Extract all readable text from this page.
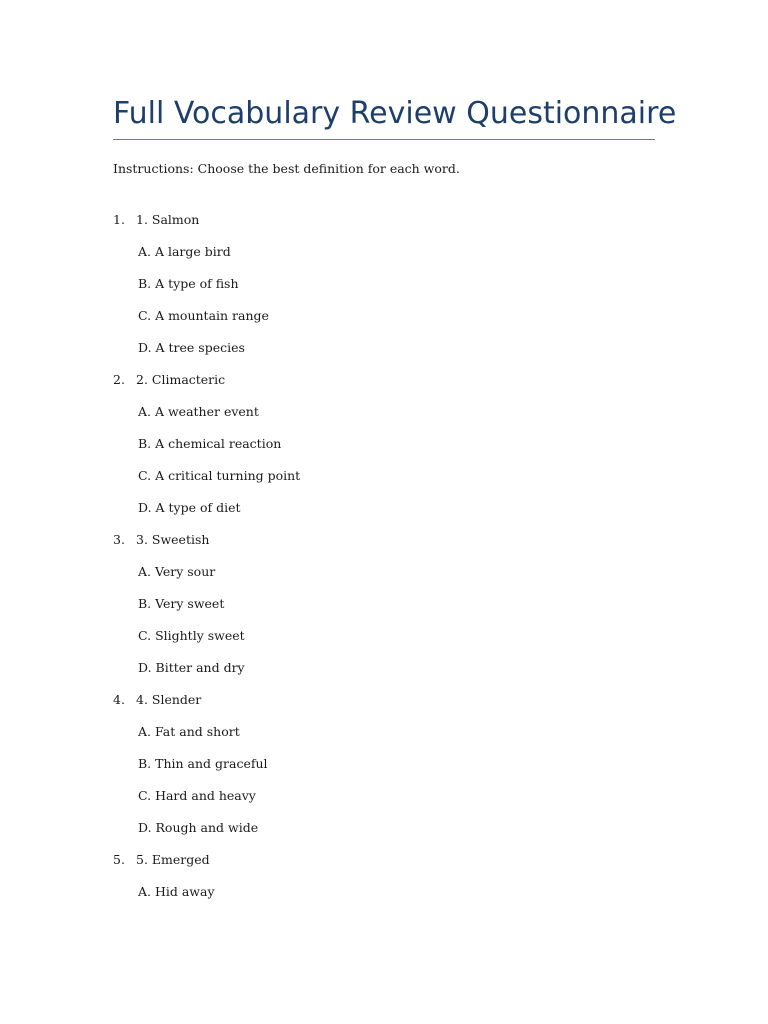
Full Vocabulary Review Questionnaire

Instructions: Choose the best definition for each word.

1. 1. Salmon
A. A large bird
B. A type of fish
C. A mountain range
D. A tree species
2. 2. Climacteric
A. A weather event
B. A chemical reaction
C. A critical turning point
D. A type of diet
3. 3. Sweetish
A. Very sour
B. Very sweet
C. Slightly sweet
D. Bitter and dry
4. 4. Slender
A. Fat and short
B. Thin and graceful
C. Hard and heavy
D. Rough and wide
5. 5. Emerged
A. Hid away
